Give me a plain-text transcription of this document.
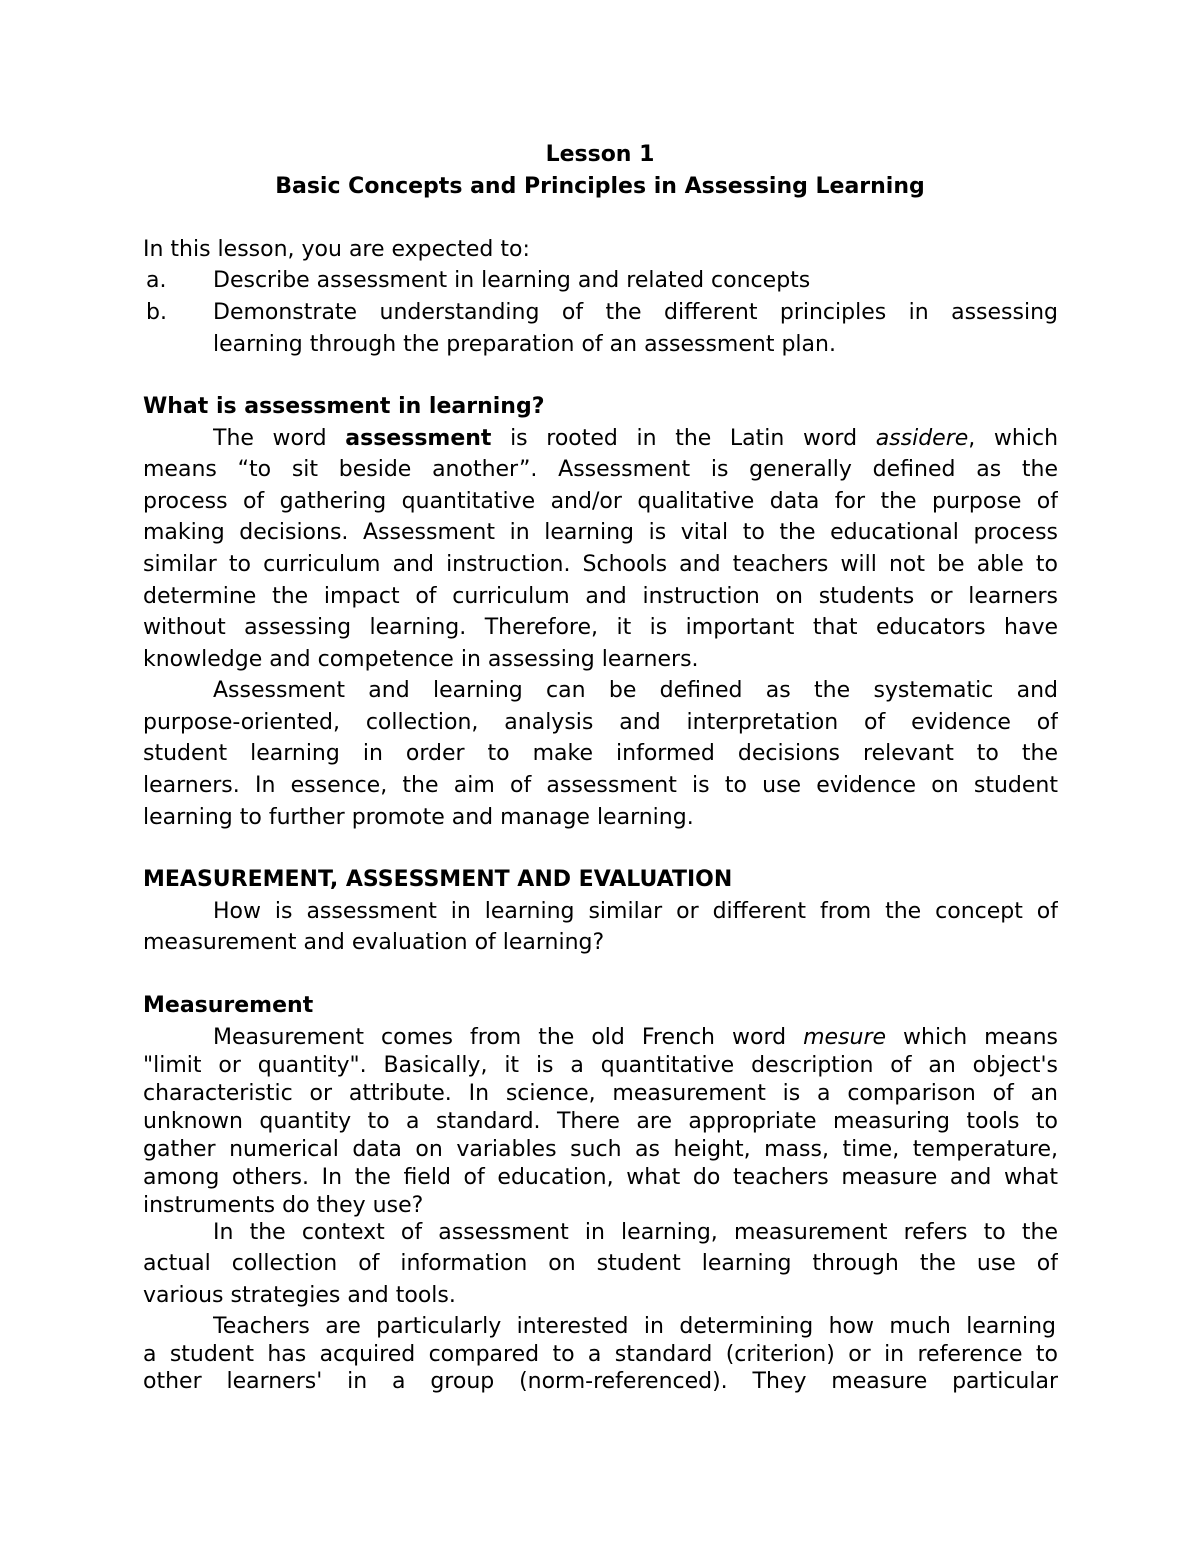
Lesson 1
Basic Concepts and Principles in Assessing Learning
In this lesson, you are expected to:
a. Describe assessment in learning and related concepts
b. Demonstrate understanding of the different principles in assessing
learning through the preparation of an assessment plan.
What is assessment in learning?
The word assessment is rooted in the Latin word assidere, which
means “to sit beside another”. Assessment is generally defined as the
process of gathering quantitative and/or qualitative data for the purpose of
making decisions. Assessment in learning is vital to the educational process
similar to curriculum and instruction. Schools and teachers will not be able to
determine the impact of curriculum and instruction on students or learners
without assessing learning. Therefore, it is important that educators have
knowledge and competence in assessing learners.
Assessment and learning can be defined as the systematic and
purpose-oriented, collection, analysis and interpretation of evidence of
student learning in order to make informed decisions relevant to the
learners. In essence, the aim of assessment is to use evidence on student
learning to further promote and manage learning.
MEASUREMENT, ASSESSMENT AND EVALUATION
How is assessment in learning similar or different from the concept of
measurement and evaluation of learning?
Measurement
Measurement comes from the old French word mesure which means
"limit or quantity". Basically, it is a quantitative description of an object's
characteristic or attribute. In science, measurement is a comparison of an
unknown quantity to a standard. There are appropriate measuring tools to
gather numerical data on variables such as height, mass, time, temperature,
among others. In the field of education, what do teachers measure and what
instruments do they use?
In the context of assessment in learning, measurement refers to the
actual collection of information on student learning through the use of
various strategies and tools.
Teachers are particularly interested in determining how much learning
a student has acquired compared to a standard (criterion) or in reference to
other learners' in a group (norm-referenced). They measure particular
